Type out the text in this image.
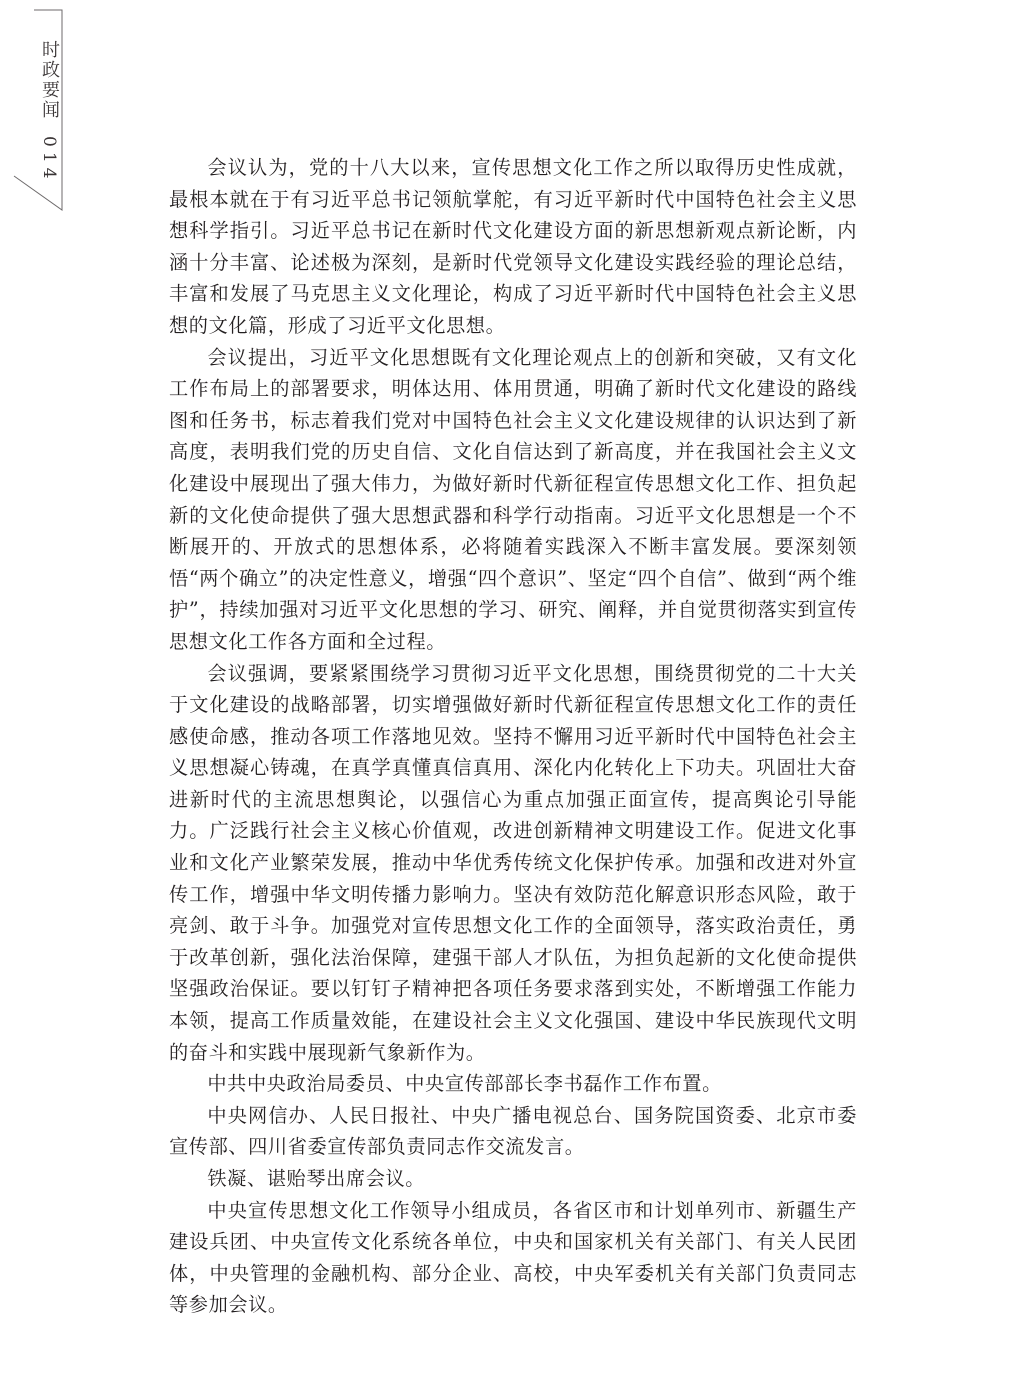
时政要闻
014	会议认为，党的十八大以来，宣传思想文化工作之所以取得历史性成就，最根本就在于有习近平总书记领航掌舵，有习近平新时代中国特色社会主义思想科学指引。习近平总书记在新时代文化建设方面的新思想新观点新论断，内涵十分丰富、论述极为深刻，是新时代党领导文化建设实践经验的理论总结，丰富和发展了马克思主义文化理论，构成了习近平新时代中国特色社会主义思想的文化篇，形成了习近平文化思想。

会议提出，习近平文化思想既有文化理论观点上的创新和突破，又有文化工作布局上的部署要求，明体达用、体用贯通，明确了新时代文化建设的路线图和任务书，标志着我们党对中国特色社会主义文化建设规律的认识达到了新高度，表明我们党的历史自信、文化自信达到了新高度，并在我国社会主义文化建设中展现出了强大伟力，为做好新时代新征程宣传思想文化工作、担负起新的文化使命提供了强大思想武器和科学行动指南。习近平文化思想是一个不断展开的、开放式的思想体系，必将随着实践深入不断丰富发展。要深刻领悟“两个确立”的决定性意义，增强“四个意识”、坚定“四个自信”、做到“两个维护”，持续加强对习近平文化思想的学习、研究、阐释，并自觉贯彻落实到宣传思想文化工作各方面和全过程。

会议强调，要紧紧围绕学习贯彻习近平文化思想，围绕贯彻党的二十大关于文化建设的战略部署，切实增强做好新时代新征程宣传思想文化工作的责任感使命感，推动各项工作落地见效。坚持不懈用习近平新时代中国特色社会主义思想凝心铸魂，在真学真懂真信真用、深化内化转化上下功夫。巩固壮大奋进新时代的主流思想舆论，以强信心为重点加强正面宣传，提高舆论引导能力。广泛践行社会主义核心价值观，改进创新精神文明建设工作。促进文化事业和文化产业繁荣发展，推动中华优秀传统文化保护传承。加强和改进对外宣传工作，增强中华文明传播力影响力。坚决有效防范化解意识形态风险，敢于亮剑、敢于斗争。加强党对宣传思想文化工作的全面领导，落实政治责任，勇于改革创新，强化法治保障，建强干部人才队伍，为担负起新的文化使命提供坚强政治保证。要以钉钉子精神把各项任务要求落到实处，不断增强工作能力本领，提高工作质量效能，在建设社会主义文化强国、建设中华民族现代文明的奋斗和实践中展现新气象新作为。

中共中央政治局委员、中央宣传部部长李书磊作工作布置。

中央网信办、人民日报社、中央广播电视总台、国务院国资委、北京市委宣传部、四川省委宣传部负责同志作交流发言。

铁凝、谌贻琴出席会议。

中央宣传思想文化工作领导小组成员，各省区市和计划单列市、新疆生产建设兵团、中央宣传文化系统各单位，中央和国家机关有关部门、有关人民团体，中央管理的金融机构、部分企业、高校，中央军委机关有关部门负责同志等参加会议。
